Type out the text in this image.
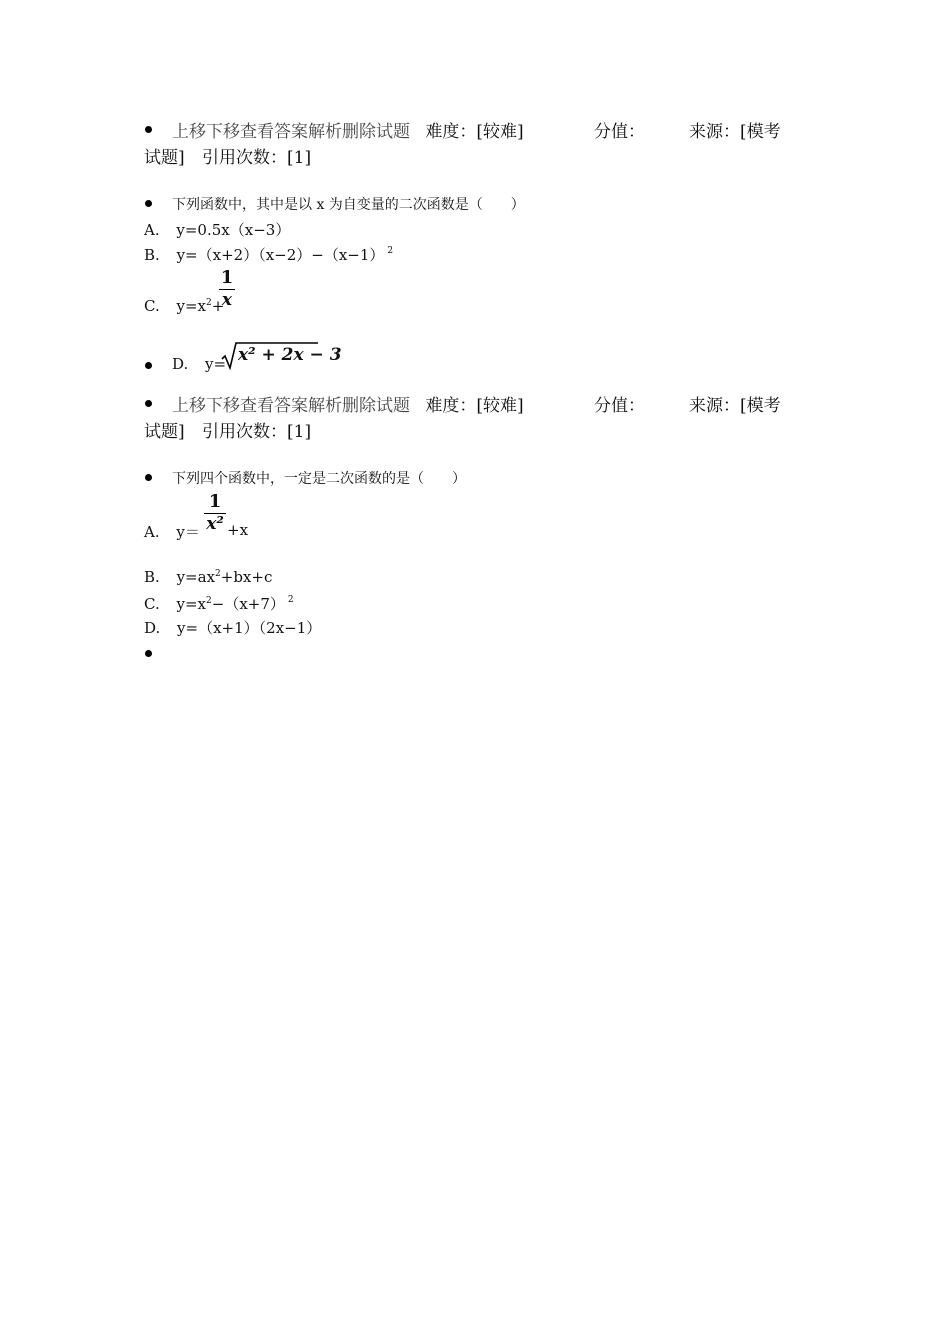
上移下移查看答案解析删除试题 难度：[较难]	分值：	来源：[模考
试题] 引用次数：[1]
下列函数中，其中是以 x 为自变量的二次函数是（　　）
A. y=0.5x（x−3）
B. y=（x+2）（x−2）−（x−1） $^2$
C. $y=x^2+$
1
x
D. y= x² + 2x − 3
上移下移查看答案解析删除试题 难度：[较难]	分值：	来源：[模考
试题] 引用次数：[1]
下列四个函数中，一定是二次函数的是（　　）
A. y＝
1
x² +x
B. $y=ax^2+bx+c$
C. $y=x^2-(x+7)$ $^2$
D. y=（x+1）（2x−1）
